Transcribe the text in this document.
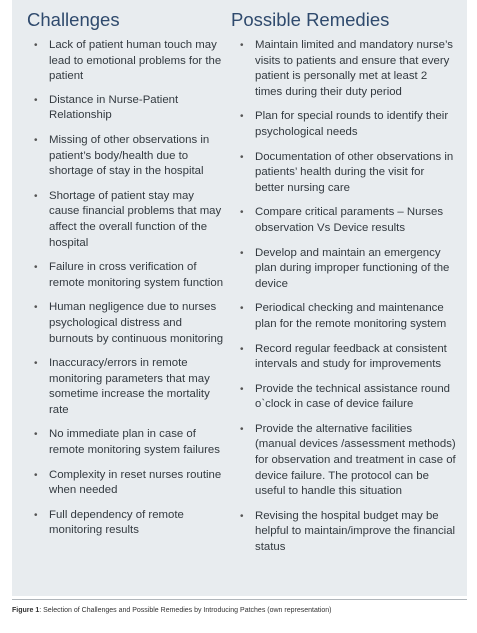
Challenges
• Lack of patient human touch may lead to emotional problems for the patient
• Distance in Nurse-Patient Relationship
• Missing of other observations in patient’s body/health due to shortage of stay in the hospital
• Shortage of patient stay may cause financial problems that may affect the overall function of the hospital
• Failure in cross verification of remote monitoring system function
• Human negligence due to nurses psychological distress and burnouts by continuous monitoring
• Inaccuracy/errors in remote monitoring parameters that may sometime increase the mortality rate
• No immediate plan in case of remote monitoring system failures
• Complexity in reset nurses routine when needed
• Full dependency of remote monitoring results
Possible Remedies
• Maintain limited and mandatory nurse’s visits to patients and ensure that every patient is personally met at least 2 times during their duty period
• Plan for special rounds to identify their psychological needs
• Documentation of other observations in patients’ health during the visit for better nursing care
• Compare critical paraments – Nurses observation Vs Device results
• Develop and maintain an emergency plan during improper functioning of the device
• Periodical checking and maintenance plan for the remote monitoring system
• Record regular feedback at consistent intervals and study for improvements
• Provide the technical assistance round o`clock in case of device failure
• Provide the alternative facilities (manual devices /assessment methods) for observation and treatment in case of device failure. The protocol can be useful to handle this situation
• Revising the hospital budget may be helpful to maintain/improve the financial status
Figure 1: Selection of Challenges and Possible Remedies by Introducing Patches (own representation)
